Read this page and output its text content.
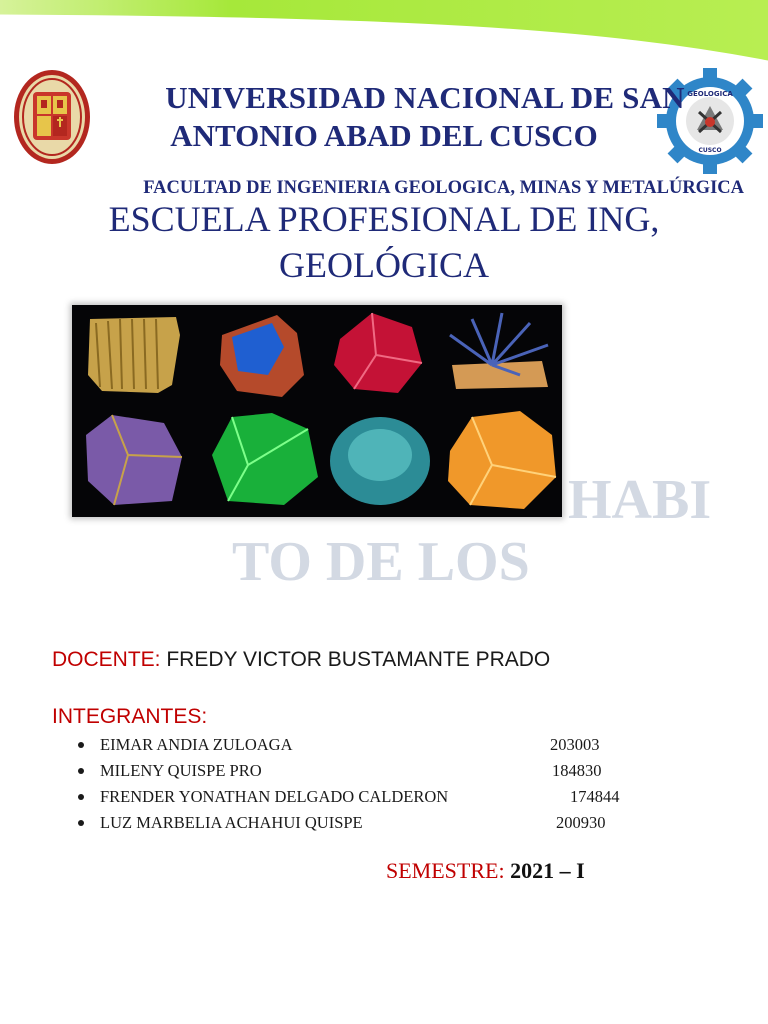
GEOLOGICA
CUSCO
UNIVERSIDAD NACIONAL DE SAN
ANTONIO ABAD DEL CUSCO
FACULTAD DE INGENIERIA GEOLOGICA, MINAS Y METALÚRGICA
ESCUELA PROFESIONAL DE ING,
GEOLÓGICA
HABI
TO DE LOS
DOCENTE: FREDY VICTOR BUSTAMANTE PRADO
INTEGRANTES:
EIMAR ANDIA ZULOAGA	203003
MILENY QUISPE PRO	184830
FRENDER YONATHAN DELGADO CALDERON	174844
LUZ MARBELIA ACHAHUI QUISPE	200930
SEMESTRE: 2021 – I
